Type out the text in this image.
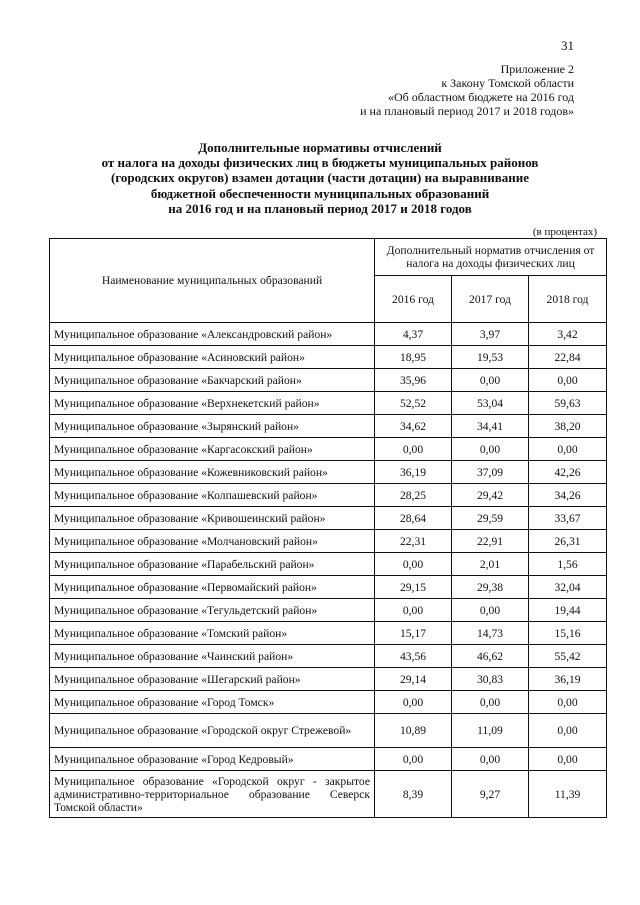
31
Приложение 2
к Закону Томской области
«Об областном бюджете на 2016 год
и на плановый период 2017 и 2018 годов»
Дополнительные нормативы отчислений
от налога на доходы физических лиц в бюджеты муниципальных районов
(городских округов) взамен дотации (части дотации) на выравнивание
бюджетной обеспеченности муниципальных образований
на 2016 год и на плановый период 2017 и 2018 годов
(в процентах)
Наименование муниципальных образований	Дополнительный норматив отчисления от налога на доходы физических лиц		
	2016 год	2017 год	2018 год
Муниципальное образование «Александровский район»	4,37	3,97	3,42
Муниципальное образование «Асиновский район»	18,95	19,53	22,84
Муниципальное образование «Бакчарский район»	35,96	0,00	0,00
Муниципальное образование «Верхнекетский район»	52,52	53,04	59,63
Муниципальное образование «Зырянский район»	34,62	34,41	38,20
Муниципальное образование «Каргасокский район»	0,00	0,00	0,00
Муниципальное образование «Кожевниковский район»	36,19	37,09	42,26
Муниципальное образование «Колпашевский район»	28,25	29,42	34,26
Муниципальное образование «Кривошеинский район»	28,64	29,59	33,67
Муниципальное образование «Молчановский район»	22,31	22,91	26,31
Муниципальное образование «Парабельский район»	0,00	2,01	1,56
Муниципальное образование «Первомайский район»	29,15	29,38	32,04
Муниципальное образование «Тегульдетский район»	0,00	0,00	19,44
Муниципальное образование «Томский район»	15,17	14,73	15,16
Муниципальное образование «Чаинский район»	43,56	46,62	55,42
Муниципальное образование «Шегарский район»	29,14	30,83	36,19
Муниципальное образование «Город Томск»	0,00	0,00	0,00
Муниципальное образование «Городской округ Стрежевой»	10,89	11,09	0,00
Муниципальное образование «Город Кедровый»	0,00	0,00	0,00
Муниципальное образование «Городской округ - закрытое административно-территориальное образование Северск Томской области»	8,39	9,27	11,39
